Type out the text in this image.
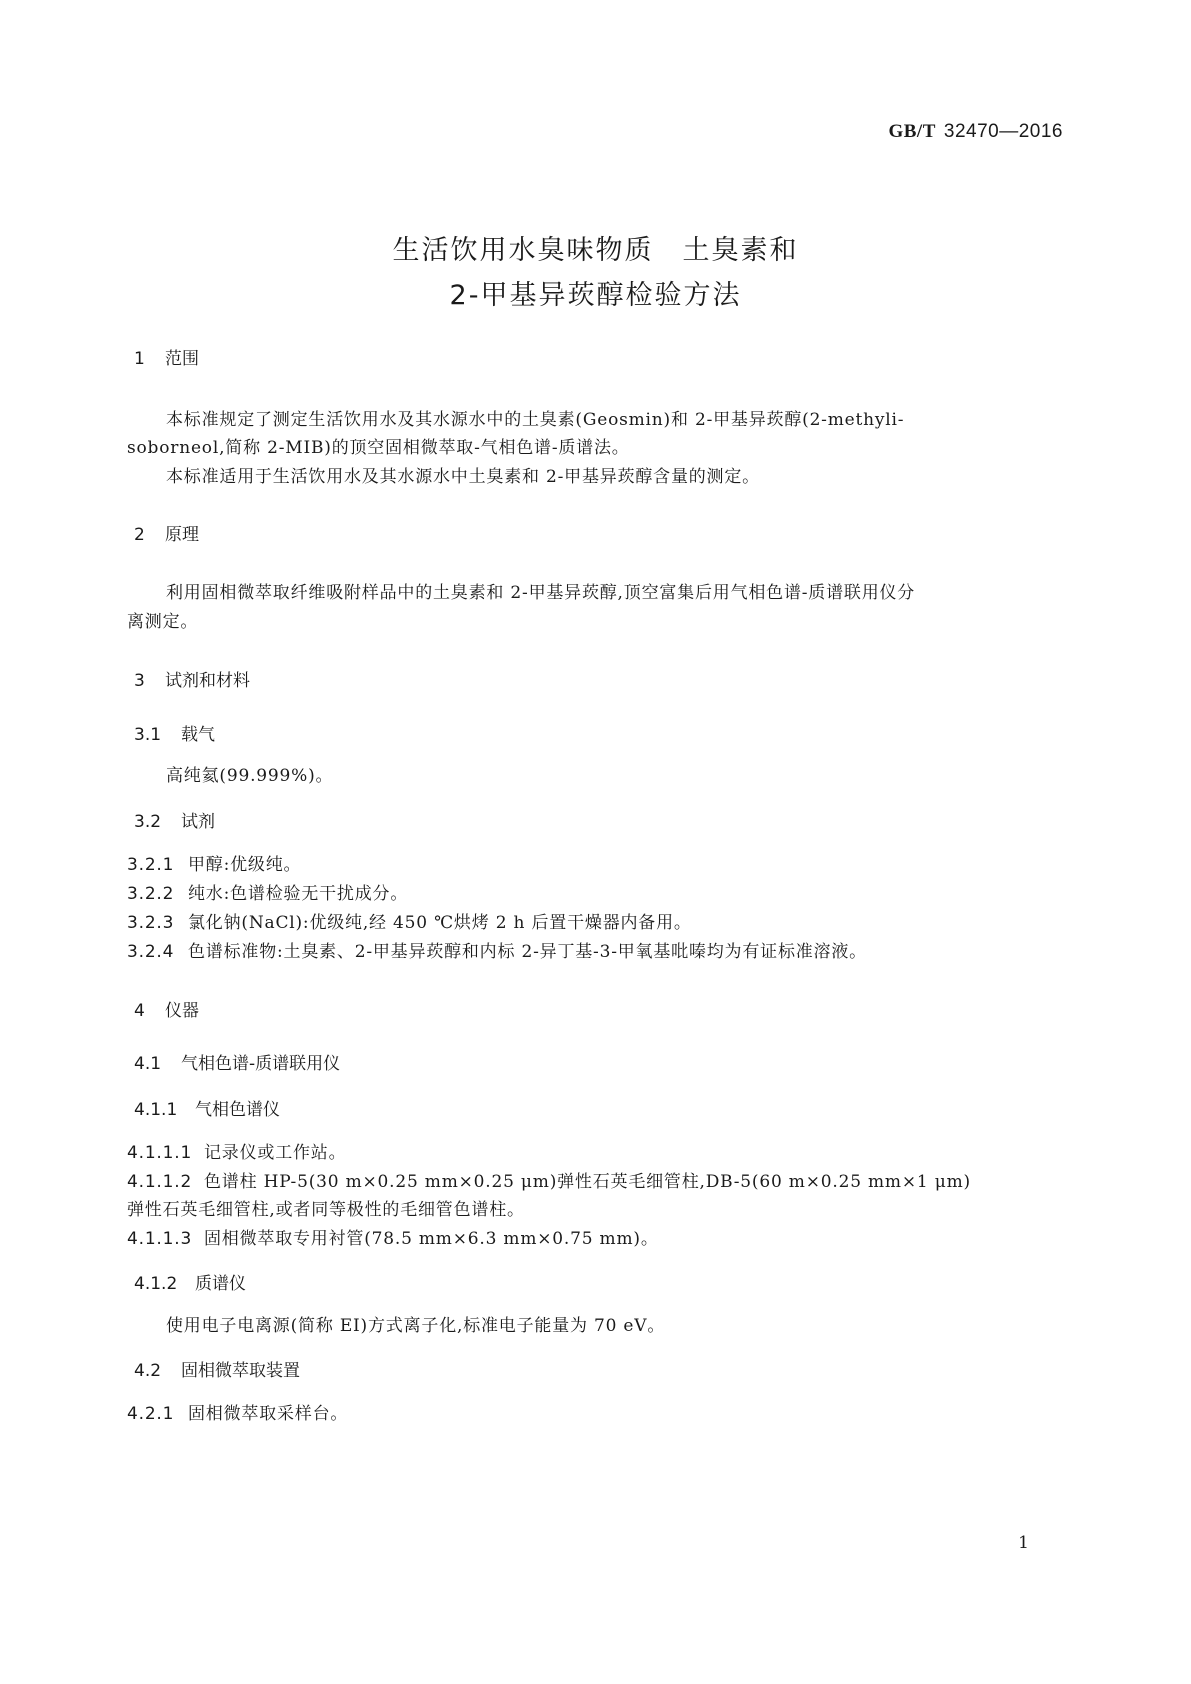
GB/T 32470—2016
生活饮用水臭味物质　土臭素和
2-甲基异莰醇检验方法
1 范围
本标准规定了测定生活饮用水及其水源水中的土臭素(Geosmin)和 2-甲基异莰醇(2-methyli-
soborneol,简称 2-MIB)的顶空固相微萃取-气相色谱-质谱法。
本标准适用于生活饮用水及其水源水中土臭素和 2-甲基异莰醇含量的测定。
2 原理
利用固相微萃取纤维吸附样品中的土臭素和 2-甲基异莰醇,顶空富集后用气相色谱-质谱联用仪分
离测定。
3 试剂和材料
3.1 载气
高纯氦(99.999%)。
3.2 试剂
3.2.1 甲醇:优级纯。
3.2.2 纯水:色谱检验无干扰成分。
3.2.3 氯化钠(NaCl):优级纯,经 450 ℃烘烤 2 h 后置干燥器内备用。
3.2.4 色谱标准物:土臭素、2-甲基异莰醇和内标 2-异丁基-3-甲氧基吡嗪均为有证标准溶液。
4 仪器
4.1 气相色谱-质谱联用仪
4.1.1 气相色谱仪
4.1.1.1 记录仪或工作站。
4.1.1.2 色谱柱 HP-5(30 m×0.25 mm×0.25 μm)弹性石英毛细管柱,DB-5(60 m×0.25 mm×1 μm)
弹性石英毛细管柱,或者同等极性的毛细管色谱柱。
4.1.1.3 固相微萃取专用衬管(78.5 mm×6.3 mm×0.75 mm)。
4.1.2 质谱仪
使用电子电离源(简称 EI)方式离子化,标准电子能量为 70 eV。
4.2 固相微萃取装置
4.2.1 固相微萃取采样台。
1
